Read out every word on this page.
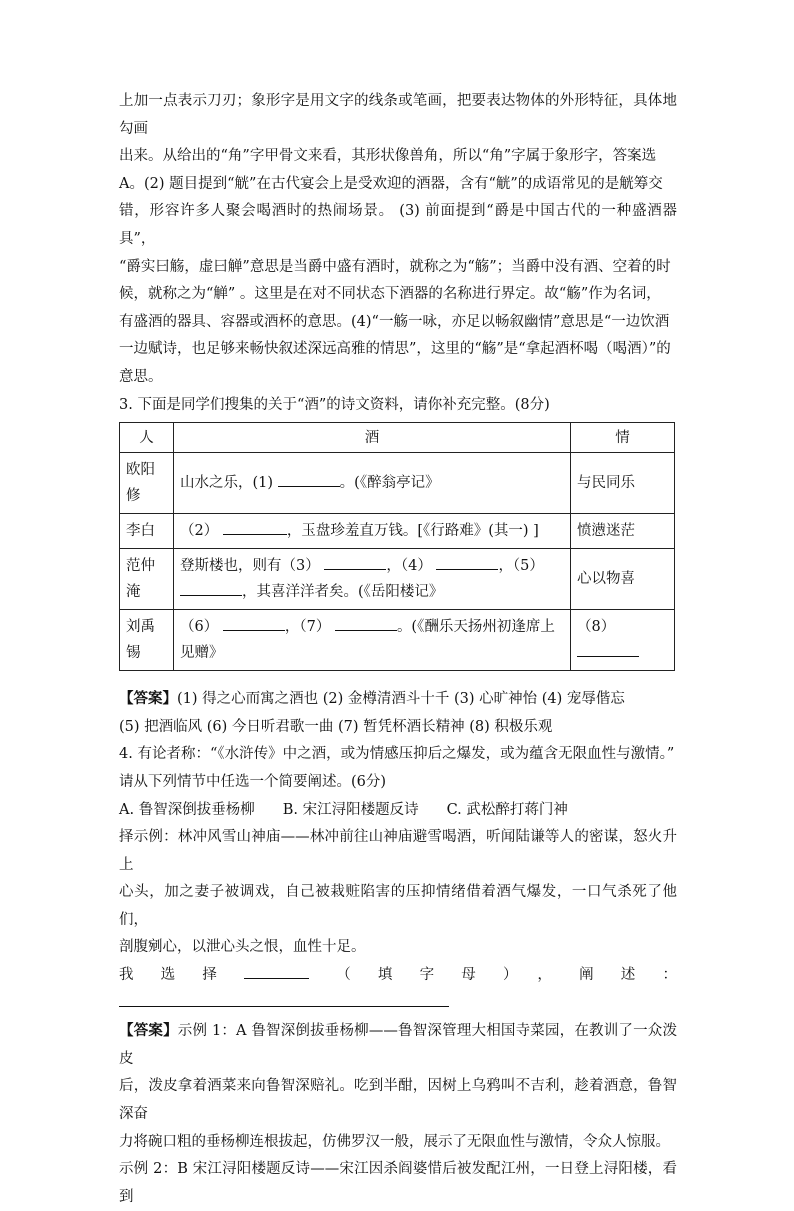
上加一点表示刀刃；象形字是用文字的线条或笔画，把要表达物体的外形特征，具体地勾画

出来。从给出的“角”字甲骨文来看，其形状像兽角，所以“角”字属于象形字，答案选

A。(2) 题目提到“觥”在古代宴会上是受欢迎的酒器，含有“觥”的成语常见的是觥筹交

错，形容许多人聚会喝酒时的热闹场景。 (3) 前面提到“爵是中国古代的一种盛酒器具”，

“爵实曰觞，虚曰觯”意思是当爵中盛有酒时，就称之为“觞”；当爵中没有酒、空着的时

候，就称之为“觯” 。这里是在对不同状态下酒器的名称进行界定。故“觞”作为名词，

有盛酒的器具、容器或酒杯的意思。(4)“一觞一咏，亦足以畅叙幽情”意思是“一边饮酒

一边赋诗，也足够来畅快叙述深远高雅的情思”，这里的“觞”是“拿起酒杯喝（喝酒）”的

意思。

3. 下面是同学们搜集的关于“酒”的诗文资料，请你补充完整。(8分)

人	酒	情
欧阳修	山水之乐，(1) 。(《醉翁亭记》	与民同乐
李白	（2） ，玉盘珍羞直万钱。[《行路难》(其一) ]	愤懑迷茫
范仲淹	登斯楼也，则有（3） ，（4） ，（5）
，其喜洋洋者矣。(《岳阳楼记》	心以物喜
刘禹锡	（6） ，（7） 。(《酬乐天扬州初逢席上见赠》	（8）

【答案】(1) 得之心而寓之酒也 (2) 金樽清酒斗十千 (3) 心旷神怡 (4) 宠辱偕忘

(5) 把酒临风 (6) 今日听君歌一曲 (7) 暂凭杯酒长精神 (8) 积极乐观

4. 有论者称：“《水浒传》中之酒，或为情感压抑后之爆发，或为蕴含无限血性与激情。”

请从下列情节中任选一个简要阐述。(6分)

A. 鲁智深倒拔垂杨柳 B. 宋江浔阳楼题反诗 C. 武松醉打蒋门神

择示例：林冲风雪山神庙——林冲前往山神庙避雪喝酒，听闻陆谦等人的密谋，怒火升上

心头，加之妻子被调戏，自己被栽赃陷害的压抑情绪借着酒气爆发，一口气杀死了他们，

剖腹剜心，以泄心头之恨，血性十足。

我选择	（填字母），阐述：

【答案】示例 1：A 鲁智深倒拔垂杨柳——鲁智深管理大相国寺菜园，在教训了一众泼皮

后，泼皮拿着酒菜来向鲁智深赔礼。吃到半酣，因树上乌鸦叫不吉利，趁着酒意，鲁智深奋

力将碗口粗的垂杨柳连根拔起，仿佛罗汉一般，展示了无限血性与激情，令众人惊服。

示例 2：B 宋江浔阳楼题反诗——宋江因杀阎婆惜后被发配江州，一日登上浔阳楼，看到
